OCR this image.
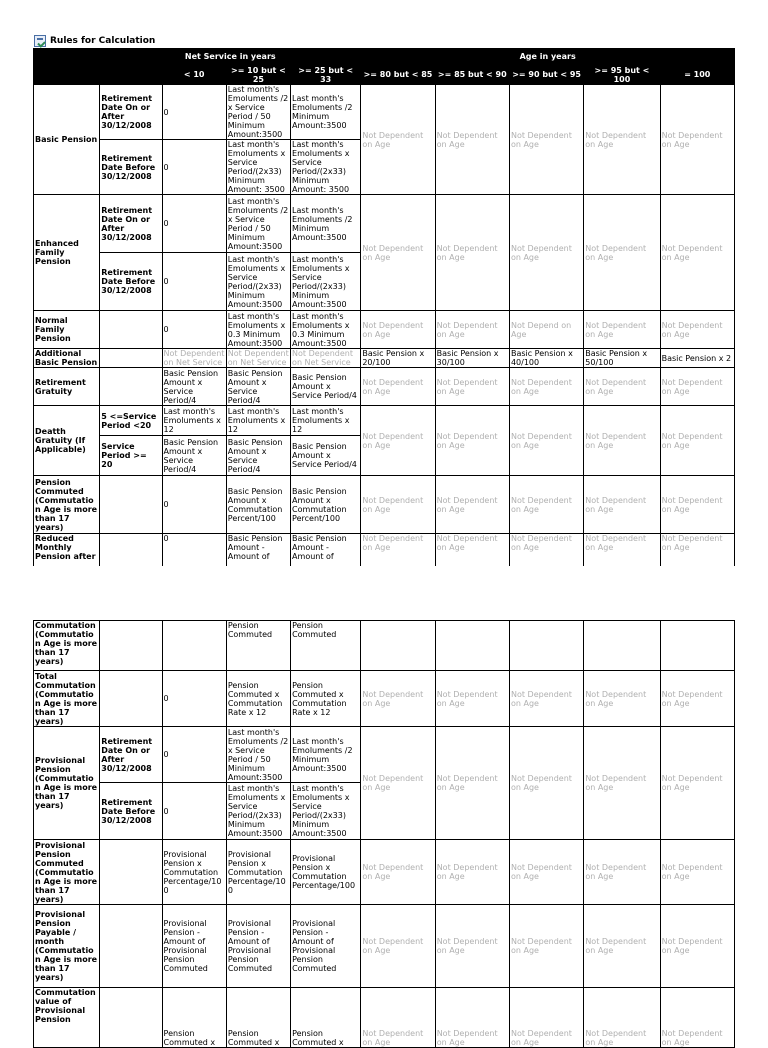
Rules for Calculation
	Net Service in years				Age in years				
		< 10	>= 10 but < 25	>= 25 but < 33	>= 80 but < 85	>= 85 but < 90	>= 90 but < 95	>= 95 but < 100	= 100
Basic Pension	Retirement Date On or After 30/12/2008	0	Last month's Emoluments /2 x Service Period / 50 Minimum Amount:3500	Last month's Emoluments /2 Minimum Amount:3500	Not Dependent on Age	Not Dependent on Age	Not Dependent on Age	Not Dependent on Age	Not Dependent on Age
	Retirement Date Before 30/12/2008	0	Last month's Emoluments x Service Period/(2x33) Minimum Amount: 3500	Last month's Emoluments x Service Period/(2x33) Minimum Amount: 3500					
Enhanced Family Pension	Retirement Date On or After 30/12/2008	0	Last month's Emoluments /2 x Service Period / 50 Minimum Amount:3500	Last month's Emoluments /2 Minimum Amount:3500	Not Dependent on Age	Not Dependent on Age	Not Dependent on Age	Not Dependent on Age	Not Dependent on Age
	Retirement Date Before 30/12/2008	0	Last month's Emoluments x Service Period/(2x33) Minimum Amount:3500	Last month's Emoluments x Service Period/(2x33) Minimum Amount:3500					
Normal Family Pension		0	Last month's Emoluments x 0.3 Minimum Amount:3500	Last month's Emoluments x 0.3 Minimum Amount:3500	Not Dependent on Age	Not Dependent on Age	Not Depend on Age	Not Dependent on Age	Not Dependent on Age
Additional Basic Pension		Not Dependent on Net Service	Not Dependent on Net Service	Not Dependent on Net Service	Basic Pension x 20/100	Basic Pension x 30/100	Basic Pension x 40/100	Basic Pension x 50/100	Basic Pension x 2
Retirement Gratuity		Basic Pension Amount x Service Period/4	Basic Pension Amount x Service Period/4	Basic Pension Amount x Service Period/4	Not Dependent on Age	Not Dependent on Age	Not Dependent on Age	Not Dependent on Age	Not Dependent on Age
Deatth Gratuity (If Applicable)	5 <=Service Period <20	Last month's Emoluments x 12	Last month's Emoluments x 12	Last month's Emoluments x 12	Not Dependent on Age	Not Dependent on Age	Not Dependent on Age	Not Dependent on Age	Not Dependent on Age
	Service Period >= 20	Basic Pension Amount x Service Period/4	Basic Pension Amount x Service Period/4	Basic Pension Amount x Service Period/4					
Pension Commuted (Commutation Age is more than 17 years)		0	Basic Pension Amount x Commutation Percent/100	Basic Pension Amount x Commutation Percent/100	Not Dependent on Age	Not Dependent on Age	Not Dependent on Age	Not Dependent on Age	Not Dependent on Age
Reduced Monthly Pension after		0	Basic Pension Amount - Amount of	Basic Pension Amount - Amount of	Not Dependent on Age	Not Dependent on Age	Not Dependent on Age	Not Dependent on Age	Not Dependent on Age
Commutation (Commutation Age is more than 17 years)			Pension Commuted	Pension Commuted					
Total Commutation (Commutation Age is more than 17 years)		0	Pension Commuted x Commutation Rate x 12	Pension Commuted x Commutation Rate x 12	Not Dependent on Age	Not Dependent on Age	Not Dependent on Age	Not Dependent on Age	Not Dependent on Age
Provisional Pension (Commutation Age is more than 17 years)	Retirement Date On or After 30/12/2008	0	Last month's Emoluments /2 x Service Period / 50 Minimum Amount:3500	Last month's Emoluments /2 Minimum Amount:3500	Not Dependent on Age	Not Dependent on Age	Not Dependent on Age	Not Dependent on Age	Not Dependent on Age
	Retirement Date Before 30/12/2008	0	Last month's Emoluments x Service Period/(2x33) Minimum Amount:3500	Last month's Emoluments x Service Period/(2x33) Minimum Amount:3500					
Provisional Pension Commuted (Commutation Age is more than 17 years)		Provisional Pension x Commutation Percentage/100	Provisional Pension x Commutation Percentage/100	Provisional Pension x Commutation Percentage/100	Not Dependent on Age	Not Dependent on Age	Not Dependent on Age	Not Dependent on Age	Not Dependent on Age
Provisional Pension Payable / month (Commutation Age is more than 17 years)		Provisional Pension - Amount of Provisional Pension Commuted	Provisional Pension - Amount of Provisional Pension Commuted	Provisional Pension - Amount of Provisional Pension Commuted	Not Dependent on Age	Not Dependent on Age	Not Dependent on Age	Not Dependent on Age	Not Dependent on Age
Commutation value of Provisional Pension		Pension Commuted x	Pension Commuted x	Pension Commuted x	Not Dependent on Age	Not Dependent on Age	Not Dependent on Age	Not Dependent on Age	Not Dependent on Age
